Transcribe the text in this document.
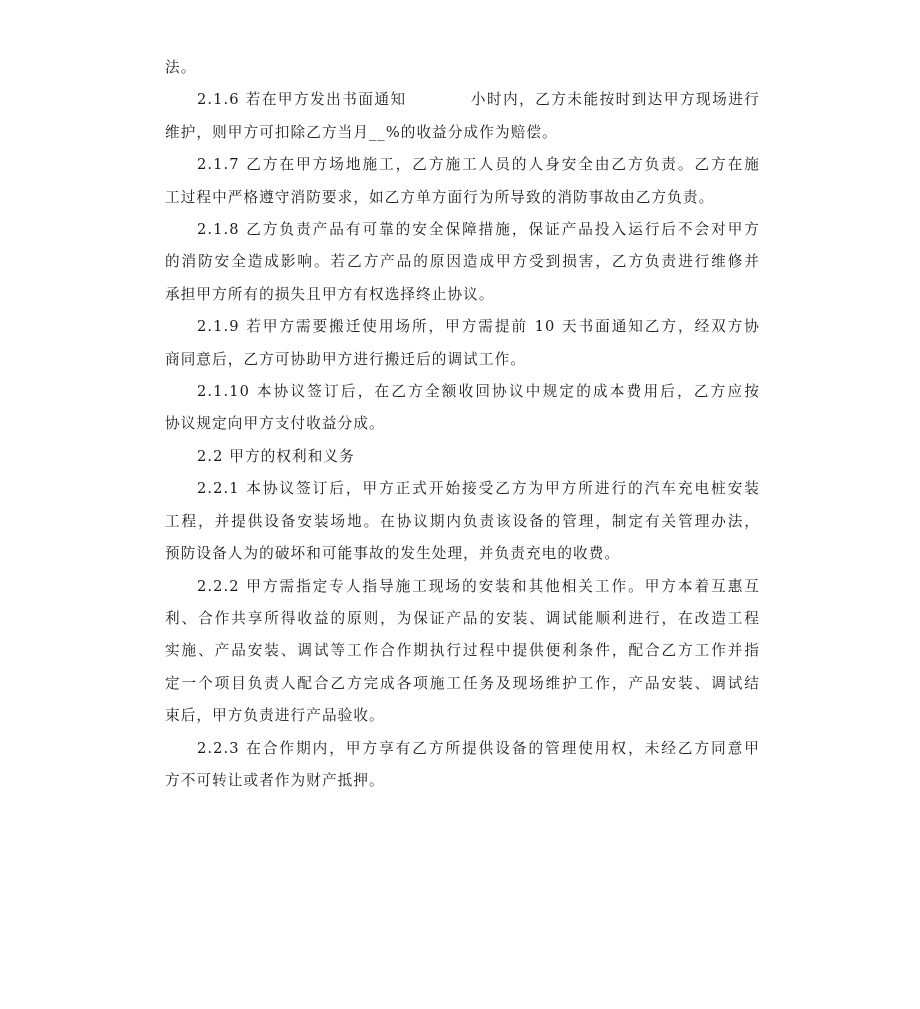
法。

2.1.6 若在甲方发出书面通知　　　　小时内，乙方未能按时到达甲方现场进行
维护，则甲方可扣除乙方当月__%的收益分成作为赔偿。

2.1.7 乙方在甲方场地施工，乙方施工人员的人身安全由乙方负责。乙方在施
工过程中严格遵守消防要求，如乙方单方面行为所导致的消防事故由乙方负责。

2.1.8 乙方负责产品有可靠的安全保障措施，保证产品投入运行后不会对甲方
的消防安全造成影响。若乙方产品的原因造成甲方受到损害，乙方负责进行维修并
承担甲方所有的损失且甲方有权选择终止协议。

2.1.9 若甲方需要搬迁使用场所，甲方需提前 10 天书面通知乙方，经双方协
商同意后，乙方可协助甲方进行搬迁后的调试工作。

2.1.10 本协议签订后，在乙方全额收回协议中规定的成本费用后，乙方应按
协议规定向甲方支付收益分成。

2.2 甲方的权利和义务

2.2.1 本协议签订后，甲方正式开始接受乙方为甲方所进行的汽车充电桩安装
工程，并提供设备安装场地。在协议期内负责该设备的管理，制定有关管理办法，
预防设备人为的破坏和可能事故的发生处理，并负责充电的收费。

2.2.2 甲方需指定专人指导施工现场的安装和其他相关工作。甲方本着互惠互
利、合作共享所得收益的原则，为保证产品的安装、调试能顺利进行，在改造工程
实施、产品安装、调试等工作合作期执行过程中提供便利条件，配合乙方工作并指
定一个项目负责人配合乙方完成各项施工任务及现场维护工作，产品安装、调试结
束后，甲方负责进行产品验收。

2.2.3 在合作期内，甲方享有乙方所提供设备的管理使用权，未经乙方同意甲
方不可转让或者作为财产抵押。
